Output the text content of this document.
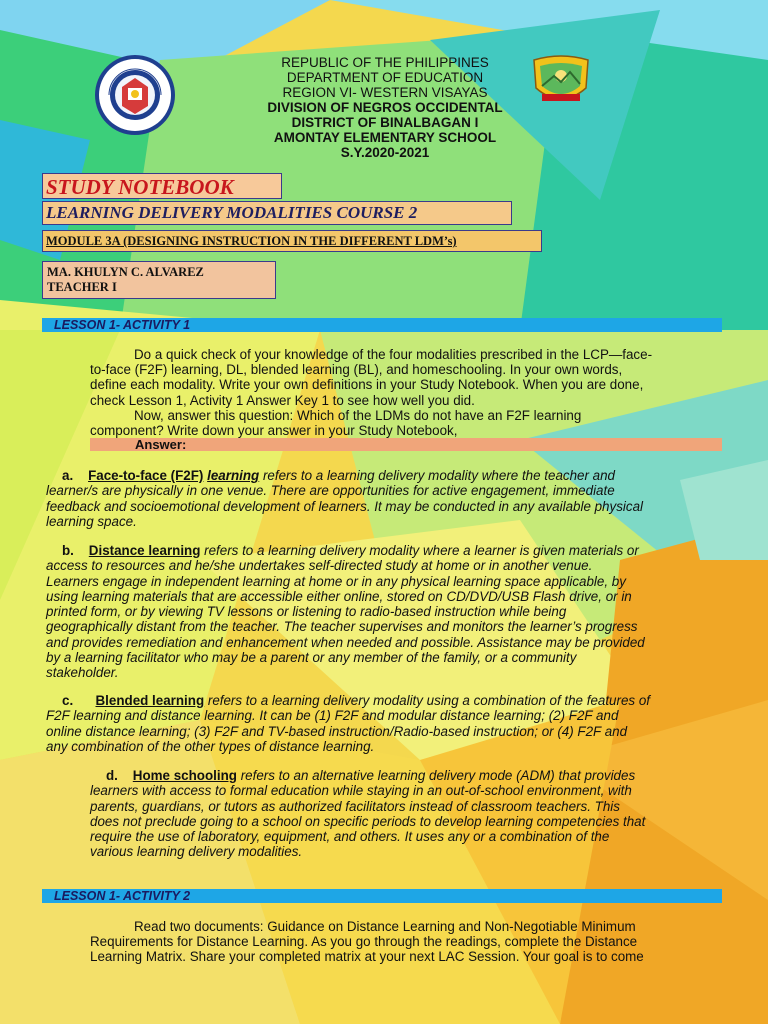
REPUBLIC OF THE PHILIPPINES
DEPARTMENT OF EDUCATION
REGION VI- WESTERN VISAYAS
DIVISION OF NEGROS OCCIDENTAL
DISTRICT OF BINALBAGAN I
AMONTAY ELEMENTARY SCHOOL
S.Y.2020-2021
STUDY NOTEBOOK
LEARNING DELIVERY MODALITIES COURSE 2
MODULE 3A (DESIGNING INSTRUCTION IN THE DIFFERENT LDM’s)
MA. KHULYN C. ALVAREZ
TEACHER I
LESSON 1- ACTIVITY 1
Do a quick check of your knowledge of the four modalities prescribed in the LCP—face-
to-face (F2F) learning, DL, blended learning (BL), and homeschooling. In your own words,
define each modality. Write your own definitions in your Study Notebook. When you are done,
check Lesson 1, Activity 1 Answer Key 1 to see how well you did.
Now, answer this question: Which of the LDMs do not have an F2F learning
component? Write down your answer in your Study Notebook,
Answer:
a. Face-to-face (F2F) learning refers to a learning delivery modality where the teacher and
learner/s are physically in one venue. There are opportunities for active engagement, immediate
feedback and socioemotional development of learners. It may be conducted in any available physical
learning space.
b. Distance learning refers to a learning delivery modality where a learner is given materials or
access to resources and he/she undertakes self-directed study at home or in another venue.
Learners engage in independent learning at home or in any physical learning space applicable, by
using learning materials that are accessible either online, stored on CD/DVD/USB Flash drive, or in
printed form, or by viewing TV lessons or listening to radio-based instruction while being
geographically distant from the teacher. The teacher supervises and monitors the learner’s progress
and provides remediation and enhancement when needed and possible. Assistance may be provided
by a learning facilitator who may be a parent or any member of the family, or a community
stakeholder.
c. Blended learning refers to a learning delivery modality using a combination of the features of
F2F learning and distance learning. It can be (1) F2F and modular distance learning; (2) F2F and
online distance learning; (3) F2F and TV-based instruction/Radio-based instruction; or (4) F2F and
any combination of the other types of distance learning.
d. Home schooling refers to an alternative learning delivery mode (ADM) that provides
learners with access to formal education while staying in an out-of-school environment, with
parents, guardians, or tutors as authorized facilitators instead of classroom teachers. This
does not preclude going to a school on specific periods to develop learning competencies that
require the use of laboratory, equipment, and others. It uses any or a combination of the
various learning delivery modalities.
LESSON 1- ACTIVITY 2
Read two documents: Guidance on Distance Learning and Non-Negotiable Minimum
Requirements for Distance Learning. As you go through the readings, complete the Distance
Learning Matrix. Share your completed matrix at your next LAC Session. Your goal is to come
